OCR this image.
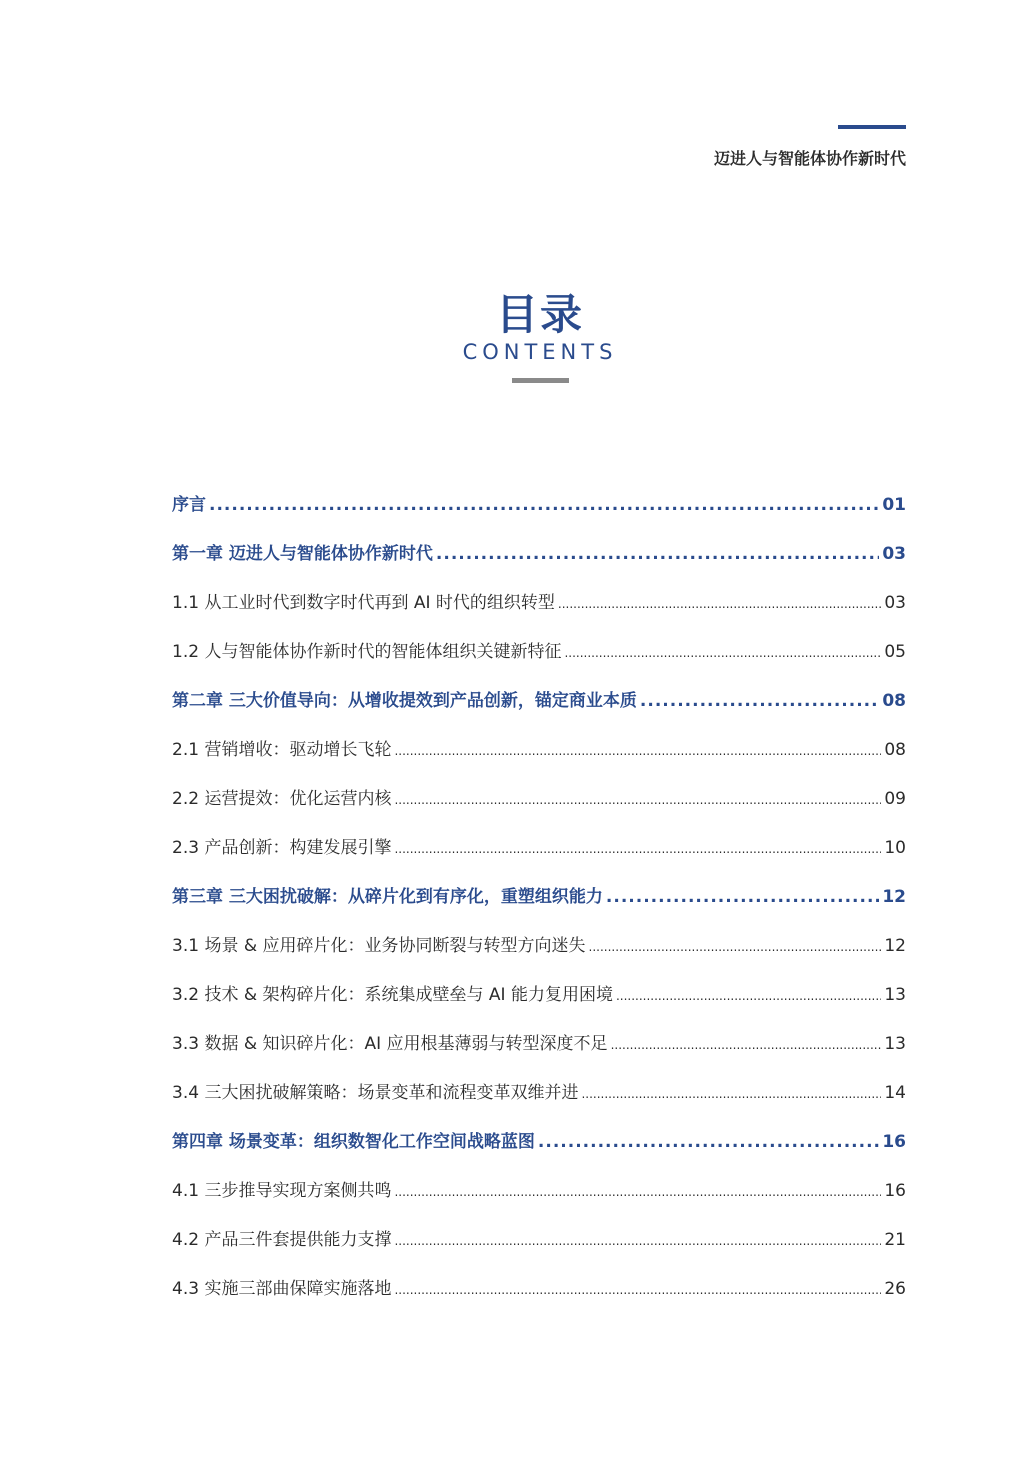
迈进人与智能体协作新时代
目录
CONTENTS
序言 .....	01
第一章 迈进人与智能体协作新时代 .....	03
1.1 从工业时代到数字时代再到 AI 时代的组织转型 .....	03
1.2 人与智能体协作新时代的智能体组织关键新特征 .....	05
第二章 三大价值导向：从增收提效到产品创新，锚定商业本质 .....	08
2.1 营销增收：驱动增长飞轮 .....	08
2.2 运营提效：优化运营内核 .....	09
2.3 产品创新：构建发展引擎 .....	10
第三章 三大困扰破解：从碎片化到有序化，重塑组织能力 .....	12
3.1 场景 & 应用碎片化：业务协同断裂与转型方向迷失 .....	12
3.2 技术 & 架构碎片化：系统集成壁垒与 AI 能力复用困境 .....	13
3.3 数据 & 知识碎片化：AI 应用根基薄弱与转型深度不足 .....	13
3.4 三大困扰破解策略：场景变革和流程变革双维并进 .....	14
第四章 场景变革：组织数智化工作空间战略蓝图 .....	16
4.1 三步推导实现方案侧共鸣 .....	16
4.2 产品三件套提供能力支撑 .....	21
4.3 实施三部曲保障实施落地 .....	26
